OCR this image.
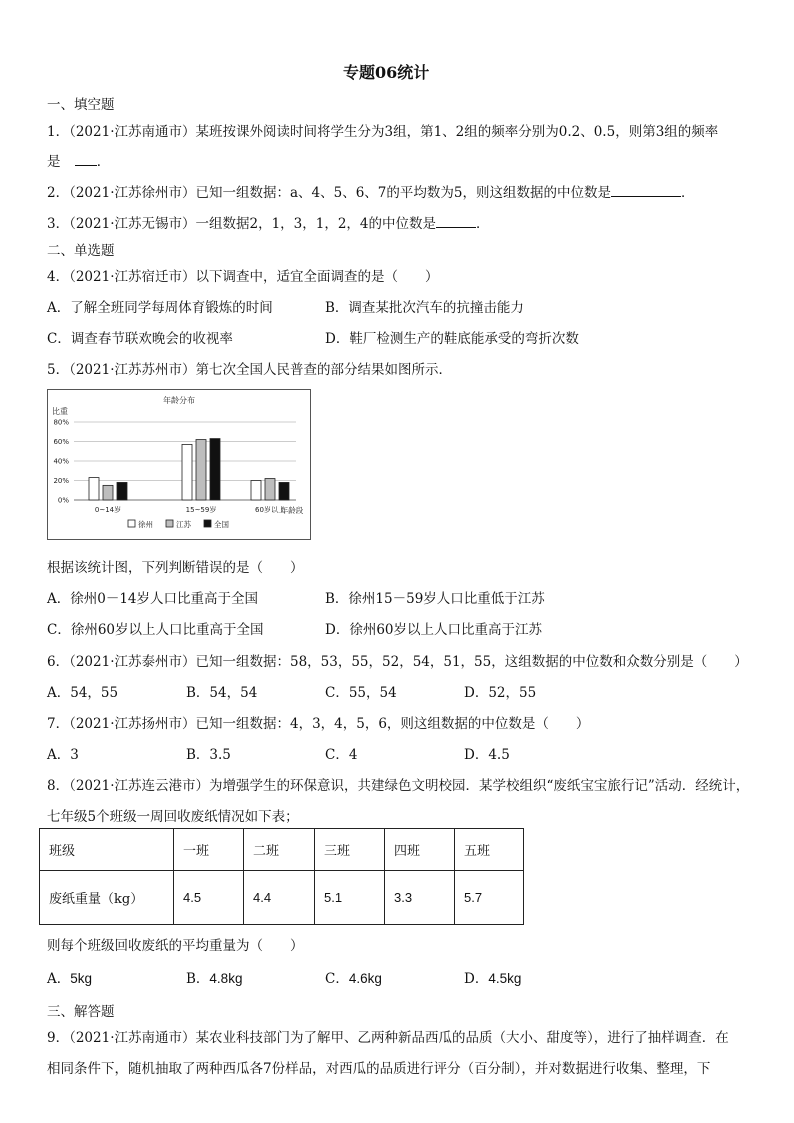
专题06统计
一、填空题
1．（2021·江苏南通市）某班按课外阅读时间将学生分为3组，第1、2组的频率分别为0.2、0.5，则第3组的频率
是	．
2．（2021·江苏徐州市）已知一组数据：a、4、5、6、7的平均数为5，则这组数据的中位数是	．
3．（2021·江苏无锡市）一组数据2，1，3，1，2，4的中位数是	．
二、单选题
4．（2021·江苏宿迁市）以下调查中，适宜全面调查的是（　　）
A．了解全班同学每周体育锻炼的时间	B．调查某批次汽车的抗撞击能力
C．调查春节联欢晚会的收视率	D．鞋厂检测生产的鞋底能承受的弯折次数
5．（2021·江苏苏州市）第七次全国人民普查的部分结果如图所示．
年龄分布
比重
0%
20%
40%
60%
80%
0~14岁	15~59岁	60岁以上
年龄段
徐州	江苏	全国
根据该统计图，下列判断错误的是（　　）
A．徐州0－14岁人口比重高于全国	B．徐州15－59岁人口比重低于江苏
C．徐州60岁以上人口比重高于全国	D．徐州60岁以上人口比重高于江苏
6．（2021·江苏泰州市）已知一组数据：58，53，55，52，54，51，55，这组数据的中位数和众数分别是（　　）
A．54，55	B．54，54	C．55，54	D．52，55
7．（2021·江苏扬州市）已知一组数据：4，3，4，5，6，则这组数据的中位数是（　　）
A．3	B．3.5	C．4	D．4.5
8．（2021·江苏连云港市）为增强学生的环保意识，共建绿色文明校园．某学校组织“废纸宝宝旅行记”活动．经统计，
七年级5个班级一周回收废纸情况如下表；
班级	一班	二班	三班	四班	五班
废纸重量（kg）	4.5	4.4	5.1	3.3	5.7
则每个班级回收废纸的平均重量为（　　）
A．5kg	B．4.8kg	C．4.6kg	D．4.5kg
三、解答题
9．（2021·江苏南通市）某农业科技部门为了解甲、乙两种新品西瓜的品质（大小、甜度等），进行了抽样调查．在
相同条件下，随机抽取了两种西瓜各7份样品，对西瓜的品质进行评分（百分制），并对数据进行收集、整理，下
